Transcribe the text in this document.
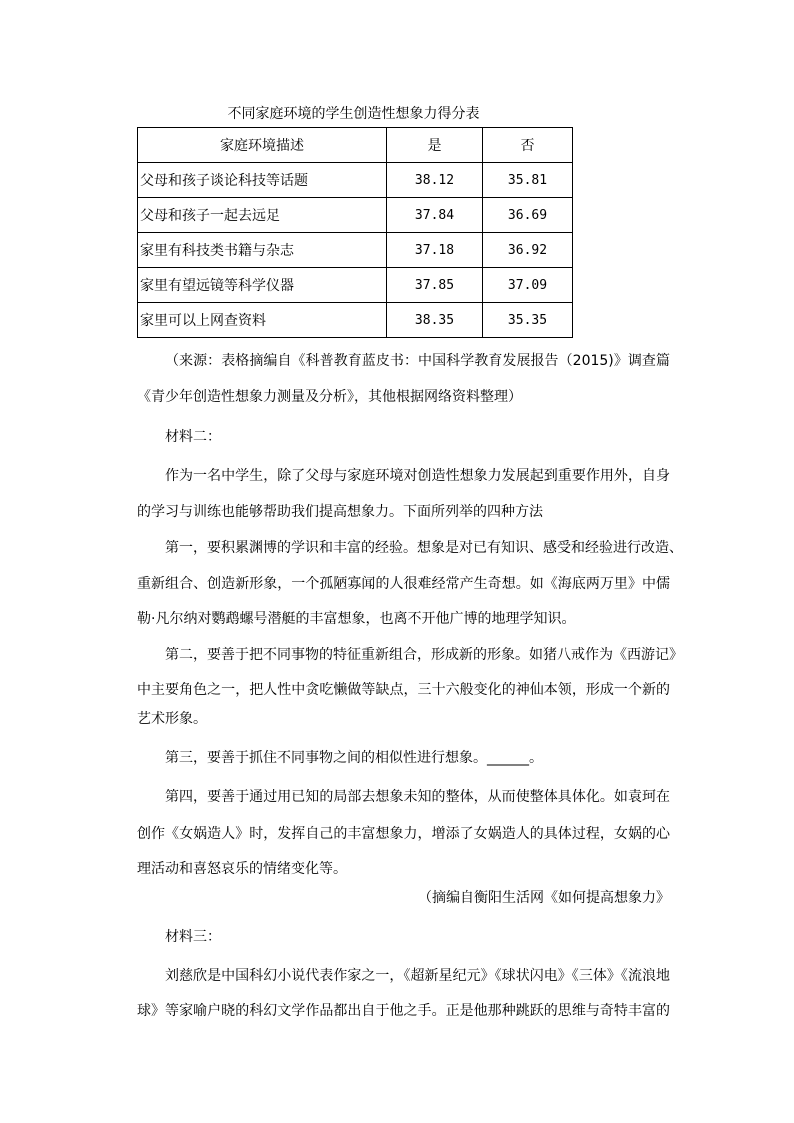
不同家庭环境的学生创造性想象力得分表
家庭环境描述	是	否
父母和孩子谈论科技等话题	38.12	35.81
父母和孩子一起去远足	37.84	36.69
家里有科技类书籍与杂志	37.18	36.92
家里有望远镜等科学仪器	37.85	37.09
家里可以上网查资料	38.35	35.35
（来源：表格摘编自《科普教育蓝皮书：中国科学教育发展报告（2015)》调查篇
《青少年创造性想象力测量及分析》，其他根据网络资料整理）
材料二：
作为一名中学生，除了父母与家庭环境对创造性想象力发展起到重要作用外，自身
的学习与训练也能够帮助我们提高想象力。下面所列举的四种方法
第一，要积累渊博的学识和丰富的经验。想象是对已有知识、感受和经验进行改造、
重新组合、创造新形象，一个孤陋寡闻的人很难经常产生奇想。如《海底两万里》中儒
勒·凡尔纳对鹦鹉螺号潜艇的丰富想象，也离不开他广博的地理学知识。
第二，要善于把不同事物的特征重新组合，形成新的形象。如猪八戒作为《西游记》
中主要角色之一，把人性中贪吃懒做等缺点，三十六般变化的神仙本领，形成一个新的
艺术形象。
第三，要善于抓住不同事物之间的相似性进行想象。______。
第四，要善于通过用已知的局部去想象未知的整体，从而使整体具体化。如袁珂在
创作《女娲造人》时，发挥自己的丰富想象力，增添了女娲造人的具体过程，女娲的心
理活动和喜怒哀乐的情绪变化等。
（摘编自衡阳生活网《如何提高想象力》
材料三：
刘慈欣是中国科幻小说代表作家之一，《超新星纪元》《球状闪电》《三体》《流浪地
球》等家喻户晓的科幻文学作品都出自于他之手。正是他那种跳跃的思维与奇特丰富的
